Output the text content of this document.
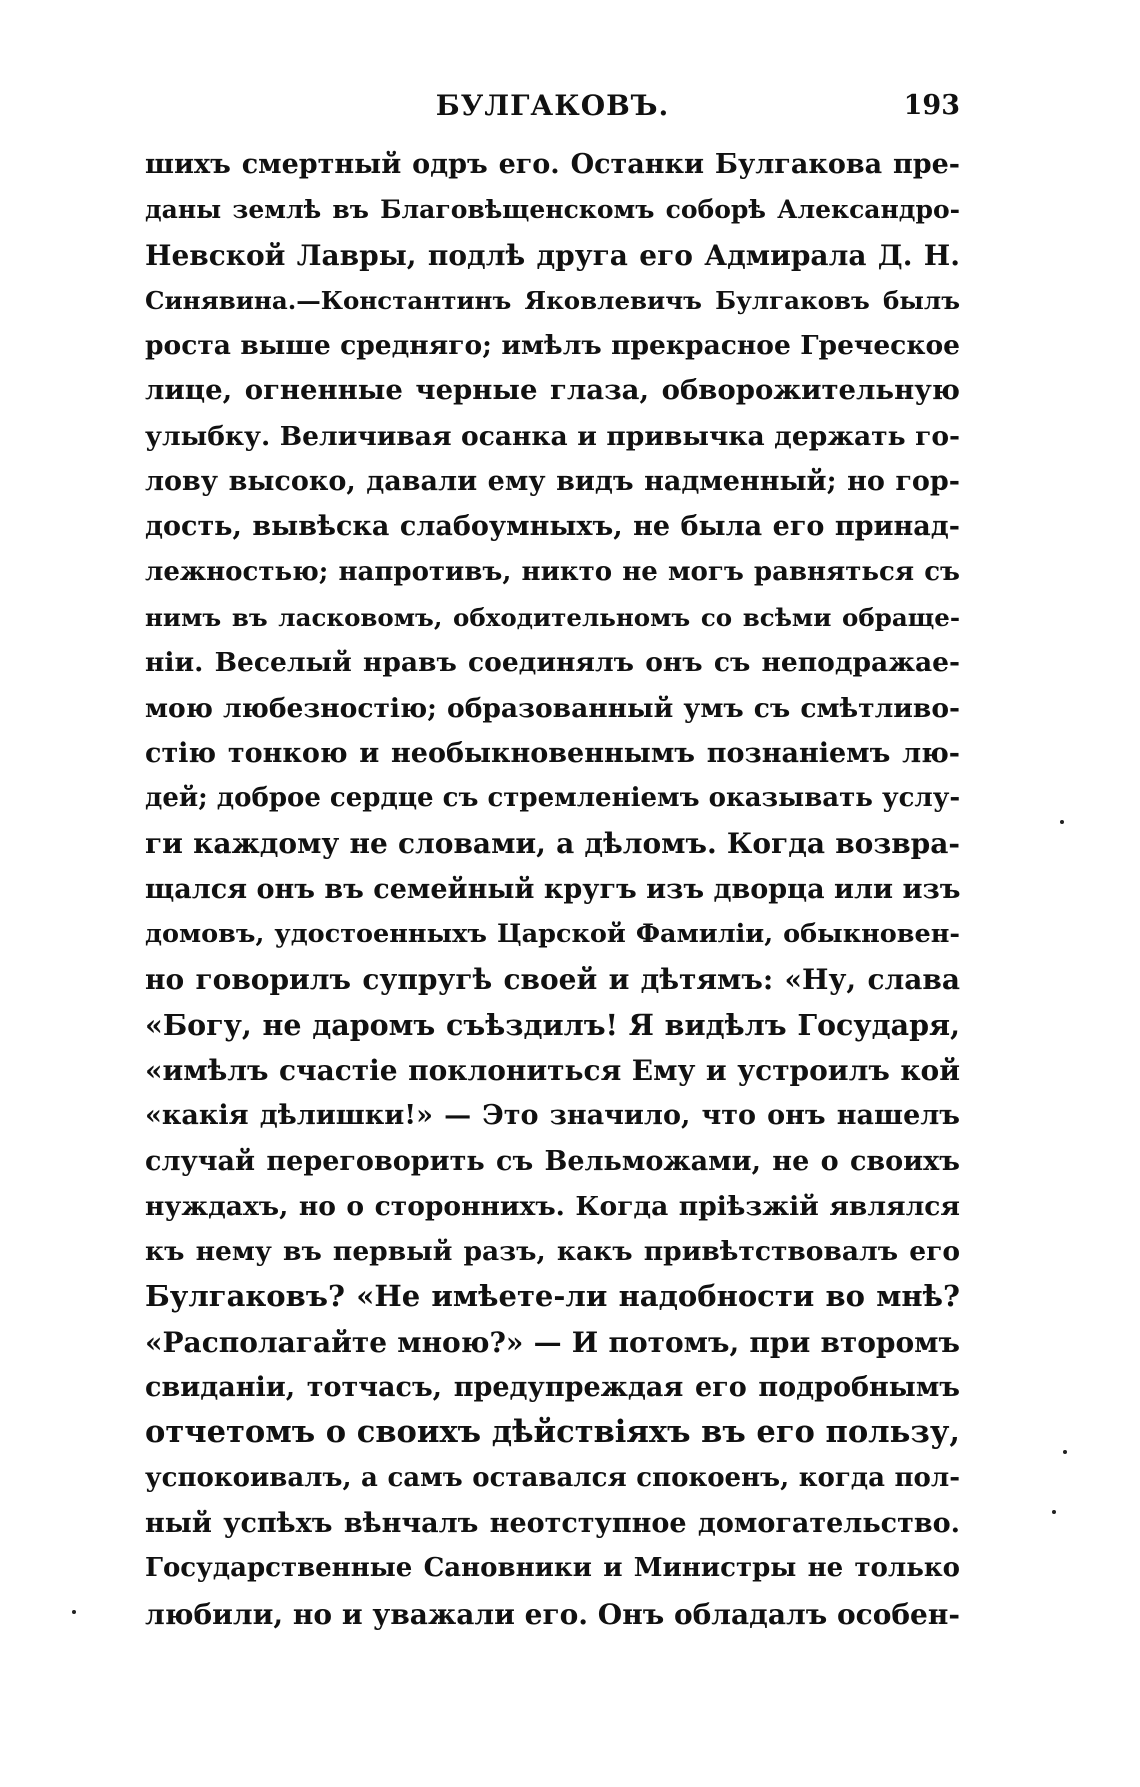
БУЛГАКОВЪ.	193
шихъ смертный одръ его. Останки Булгакова пре-
даны землѣ въ Благовѣщенскомъ соборѣ Александро-
Невской Лавры, подлѣ друга его Адмирала Д. Н.
Синявина.—Константинъ Яковлевичъ Булгаковъ былъ
роста выше средняго; имѣлъ прекрасное Греческое
лице, огненные черные глаза, обворожительную
улыбку. Величивая осанка и привычка держать го-
лову высоко, давали ему видъ надменный; но гор-
дость, вывѣска слабоумныхъ, не была его принад-
лежностью; напротивъ, никто не могъ равняться съ
нимъ въ ласковомъ, обходительномъ со всѣми обраще-
ніи. Веселый нравъ соединялъ онъ съ неподражае-
мою любезностію; образованный умъ съ смѣтливо-
стію тонкою и необыкновеннымъ познаніемъ лю-
дей; доброе сердце съ стремленіемъ оказывать услу-
ги каждому не словами, а дѣломъ. Когда возвра-
щался онъ въ семейный кругъ изъ дворца или изъ
домовъ, удостоенныхъ Царской Фамиліи, обыкновен-
но говорилъ супругѣ своей и дѣтямъ: «Ну, слава
«Богу, не даромъ съѣздилъ! Я видѣлъ Государя,
«имѣлъ счастіе поклониться Ему и устроилъ кой
«какія дѣлишки!» — Это значило, что онъ нашелъ
случай переговорить съ Вельможами, не о своихъ
нуждахъ, но о стороннихъ. Когда пріѣзжій являлся
къ нему въ первый разъ, какъ привѣтствовалъ его
Булгаковъ? «Не имѣете-ли надобности во мнѣ?
«Располагайте мною?» — И потомъ, при второмъ
свиданіи, тотчасъ, предупреждая его подробнымъ
отчетомъ о своихъ дѣйствіяхъ въ его пользу,
успокоивалъ, а самъ оставался спокоенъ, когда пол-
ный успѣхъ вѣнчалъ неотступное домогательство.
Государственные Сановники и Министры не только
любили, но и уважали его. Онъ обладалъ особен-
